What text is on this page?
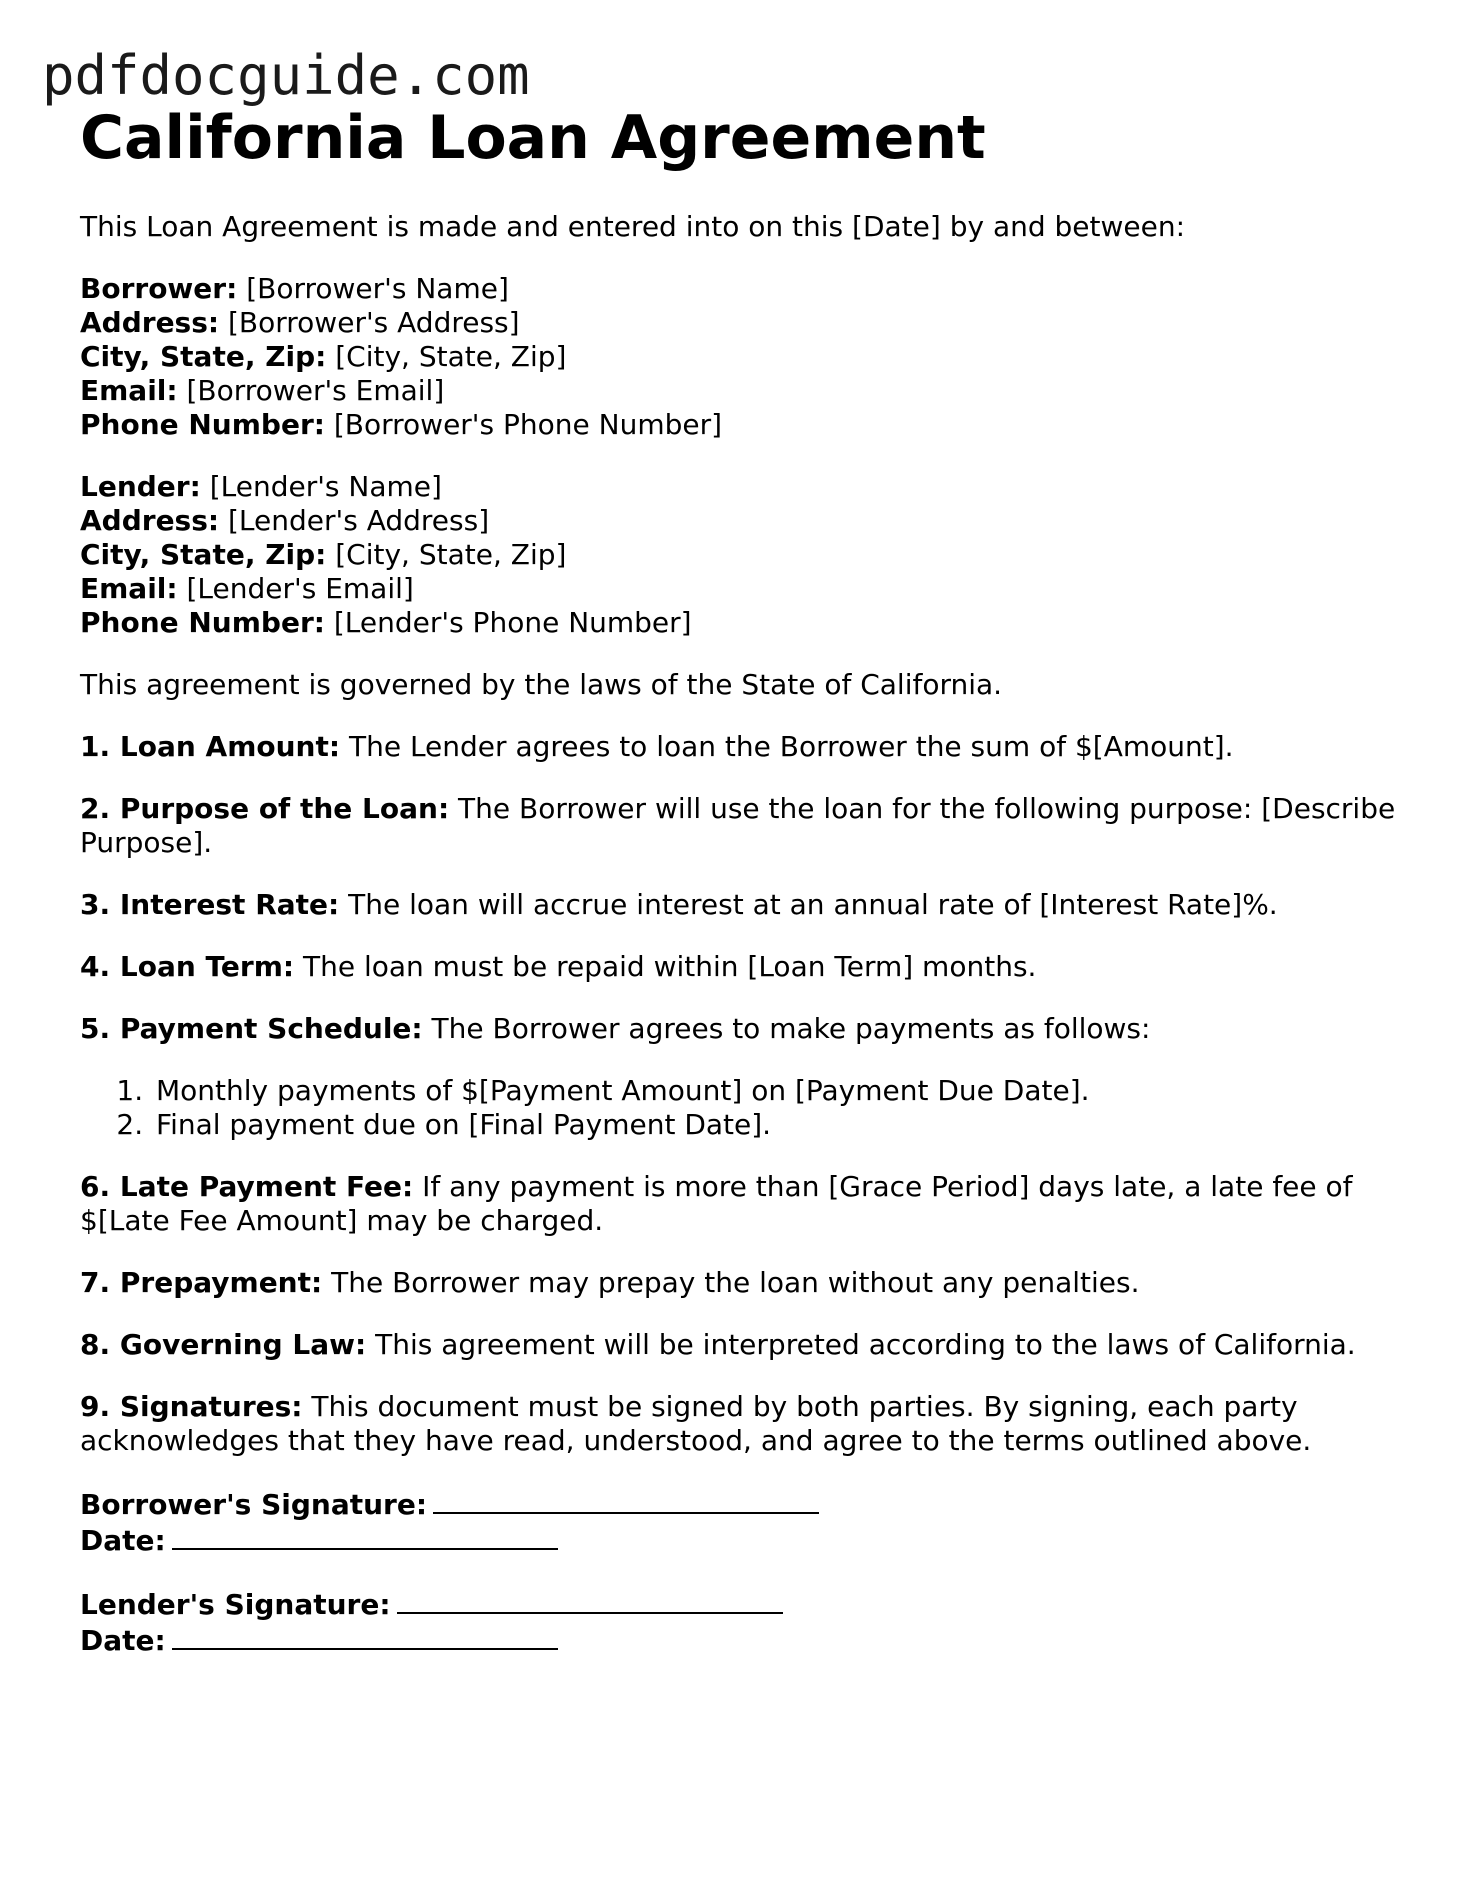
pdfdocguide.com
California Loan Agreement

This Loan Agreement is made and entered into on this [Date] by and between:

Borrower: [Borrower's Name]
Address: [Borrower's Address]
City, State, Zip: [City, State, Zip]
Email: [Borrower's Email]
Phone Number: [Borrower's Phone Number]
Lender: [Lender's Name]
Address: [Lender's Address]
City, State, Zip: [City, State, Zip]
Email: [Lender's Email]
Phone Number: [Lender's Phone Number]

This agreement is governed by the laws of the State of California.

1. Loan Amount: The Lender agrees to loan the Borrower the sum of $[Amount].

2. Purpose of the Loan: The Borrower will use the loan for the following purpose: [Describe Purpose].

3. Interest Rate: The loan will accrue interest at an annual rate of [Interest Rate]%.

4. Loan Term: The loan must be repaid within [Loan Term] months.

5. Payment Schedule: The Borrower agrees to make payments as follows:

1. Monthly payments of $[Payment Amount] on [Payment Due Date].
2. Final payment due on [Final Payment Date].

6. Late Payment Fee: If any payment is more than [Grace Period] days late, a late fee of $[Late Fee Amount] may be charged.

7. Prepayment: The Borrower may prepay the loan without any penalties.

8. Governing Law: This agreement will be interpreted according to the laws of California.

9. Signatures: This document must be signed by both parties. By signing, each party acknowledges that they have read, understood, and agree to the terms outlined above.

Borrower's Signature:
Date:
Lender's Signature:
Date:
